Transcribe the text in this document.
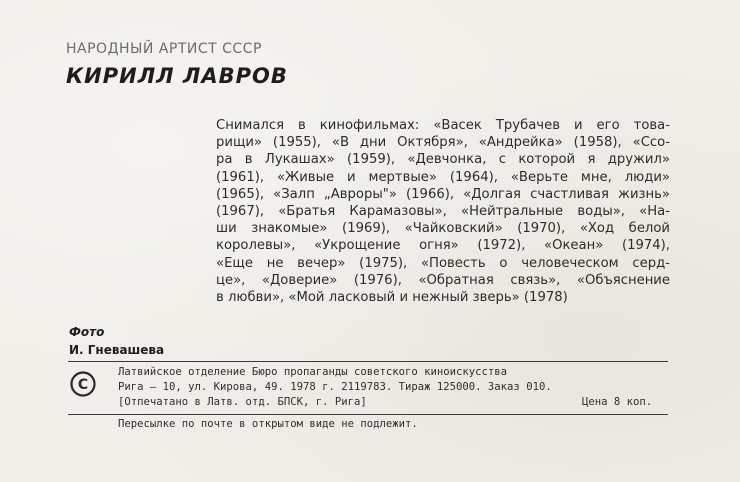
НАРОДНЫЙ АРТИСТ СССР
КИРИЛЛ ЛАВРОВ
Снимался в кинофильмах: «Васек Трубачев и его това-
рищи» (1955), «В дни Октября», «Андрейка» (1958), «Ссо-
ра в Лукашах» (1959), «Девчонка, с которой я дружил»
(1961), «Живые и мертвые» (1964), «Верьте мне, люди»
(1965), «Залп „Авроры"» (1966), «Долгая счастливая жизнь»
(1967), «Братья Карамазовы», «Нейтральные воды», «На-
ши знакомые» (1969), «Чайковский» (1970), «Ход белой
королевы», «Укрощение огня» (1972), «Океан» (1974),
«Еще не вечер» (1975), «Повесть о человеческом серд-
це», «Доверие» (1976), «Обратная связь», «Объяснение
в любви», «Мой ласковый и нежный зверь» (1978)
Фото
И. Гневашева
C

Латвийское отделение Бюро пропаганды советского киноискусства

Рига — 10, ул. Кирова, 49. 1978 г. 2119783. Тираж 125000. Заказ 010.

[Отпечатано в Латв. отд. БПСК, г. Рига]	Цена 8 коп.
Пересылке по почте в открытом виде не подлежит.
